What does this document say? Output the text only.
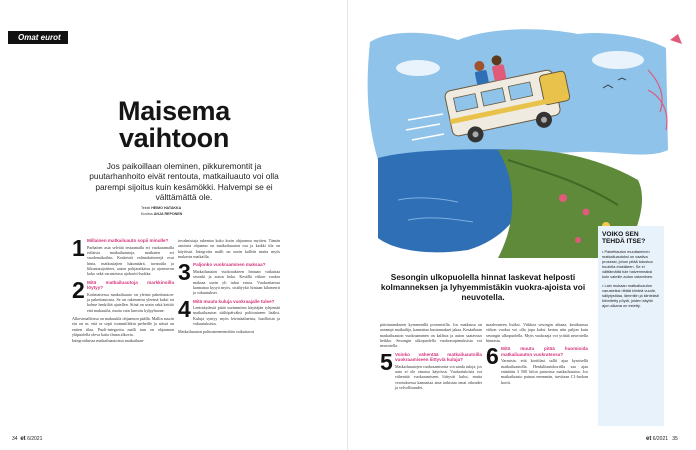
Omat eurot
Maisema
vaihtoon
Jos paikoillaan oleminen, pikkuremontit ja puutarhanhoito eivät rentouta, matkailuauto voi olla parempi sijoitus kuin kesämökki. Halvempi se ei välttämättä ole.
Teksti HEIMO HATAKKA
Kuvitus ANJA REPONEN
1 Millainen matkailuauto sopii minulle?

Parhaiten asia selviää testaamalla eri vuokraamalla erilaisia matkailuautoja, matkaten eri vuodenaikoihin. Keskeisiä valintakriteerejä ovat hinta, matkustajien lukumäärä, tavaratila ja liikuntarajoitteet, auton pohjaratkaisu ja ajoneuvon koko sekä varustetaso ajokortti-luokka.

2 Mitä matkailuautoja markkinoilla löytyy?

Kotimaisessa matkailuauto on yleisin pakettiauton- ja pakettiautosta. Se on rakennettu yleensä kaksi tai kolme henkilöä ajatellen. Siinä on usein sekä keittiö että makuutila, mutta vain harvoin kylpyhuone.

Alkovimalleissa on makuutila ohjaamon päällä. Mallin suurin etu on se, että se sopii isommillekin perheille ja niissä on eniten tilaa. Puoli-integroitu malli taas on ohjaamon yläpuolella oleva katto ilman alkovia.

Integroiduissa matkailuautoissa matkailuau-

tovalmistaja rakentaa koko korin ohjaamoa myöten. Tämän ansiosta ohjaamo on matkailuauton osa ja kaikki tila on käytössä. Integroitu malli on usein kallein mutta myös mukavin matkailla.

3 Paljonko vuokraaminen maksaa?

Matkailuauton vuokraukseen hintaan vaikuttaa sesonki ja auton koko. Kesällä viikon vuokra maksaa usein yli tuhat euroa. Vuokrattaessa kannattaa kysyä myös, sisältyykö hintaan kilometrit ja vakuutukset.

4 Mitä muuta kuluja vuokraajalle tulee?

Lentotäydestä pitää useimmiten käyttäjän tyhjentää matkailuauton säiliöpäiväksi polttoaineen lisäksi. Kuluja syntyy myös leirintäalueista, huolloista ja vakuutuksista.

Matkailuauton polttoainemenoihin vaikuttavat

34 et 6/2021
Sesongin ulkopuolella hinnat laskevat helposti kolmanneksen ja lyhyemmistäkin vuokra-ajoista voi neuvotella.

päiväannukseen kymmenillä prosenteilla. Jos matkassa on useampi matkailija, kannattaa kustannukset jakaa. Kesäaikaan matkailuauton vuokraaminen on kallista ja auton saatavuus heikko. Sesongin ulkopuolella vuokrasopimuksista voi neuvotella.

5 Voinko vähentää matkailuautoilla vuokraamiseen liittyviä kuluja?

Matkailuautojen vuokraamisesta voi saada tuloja, jos auto ei ole omassa käytössä. Vuokratuloista voi vähentää vuokraamiseen liittyvät kulut, mutta verotuksessa kannattaa aina tarkistaa omat oikeudet ja velvollisuudet.

maaleonteen lisäksi. Viikkoa sesongin aikana, kesäkuussa viikon vuokra voi olla jopa kaksi kertaa niin paljon kuin sesongin ulkopuolella. Myös vuokraaja voi yrittää neuvotella hinnasta.

6 Mitä muuta pitää huomioida matkailuauton vuokratessa?

Varmista, että korttilasi sallii ajaa kyseisellä matkailuautolla. Henkilöautokortilla saa ajaa enintään 3 500 kilon painoista matkailuautoa. Jos matkailuauto painaa enemmän, tarvitaan C1-luokan kortti.

VOIKO SEN TEHDÄ ITSE?

• Pakettiauton muuttaminen matkailuautoksi on vaativa prosessi, johon pitää tutustua huolella etukäteen. Se ei välttämättä tule halvemmaksi kuin valmiin auton ostaminen.

• Lain mukaan matkailuauton varusteiksi riittää kiinteä vuode, säilytystilaa, lämmitin ja kiinteästi kiinnitetty pöytä, joiden käyttö ajon aikana on estetty.

et 6/2021 35
